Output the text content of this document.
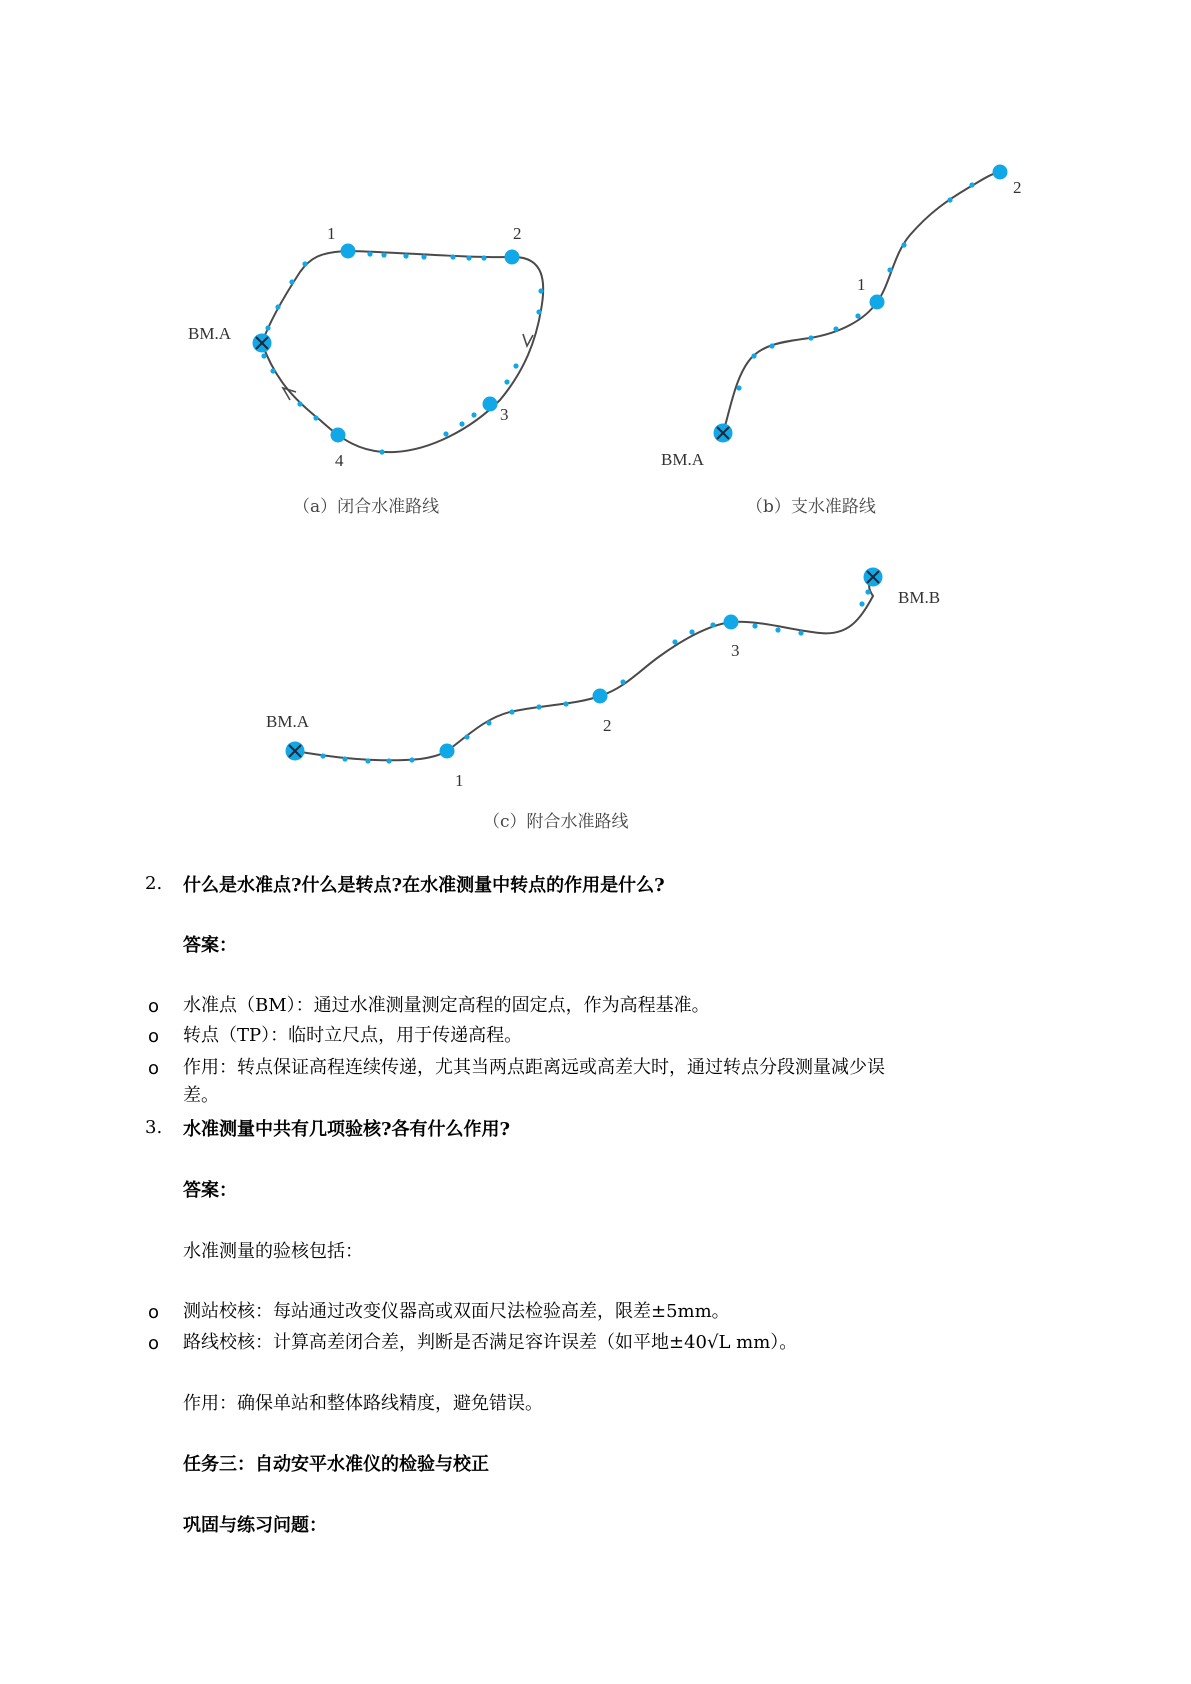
BM.A
1	2
3
4
（a）闭合水准路线
BM.A
1
2
（b）支水准路线
BM.A
BM.B
1
2
3
（c）附合水准路线
2. 什么是水准点?什么是转点?在水准测量中转点的作用是什么?
答案：
o 水准点（BM）：通过水准测量测定高程的固定点，作为高程基准。
o 转点（TP）：临时立尺点，用于传递高程。
o 作用：转点保证高程连续传递，尤其当两点距离远或高差大时，通过转点分段测量减少误
差。
3. 水准测量中共有几项验核?各有什么作用?
答案：
水准测量的验核包括：
o 测站校核：每站通过改变仪器高或双面尺法检验高差，限差±5mm。
o 路线校核：计算高差闭合差，判断是否满足容许误差（如平地±40√L mm）。
作用：确保单站和整体路线精度，避免错误。
任务三：自动安平水准仪的检验与校正
巩固与练习问题：
